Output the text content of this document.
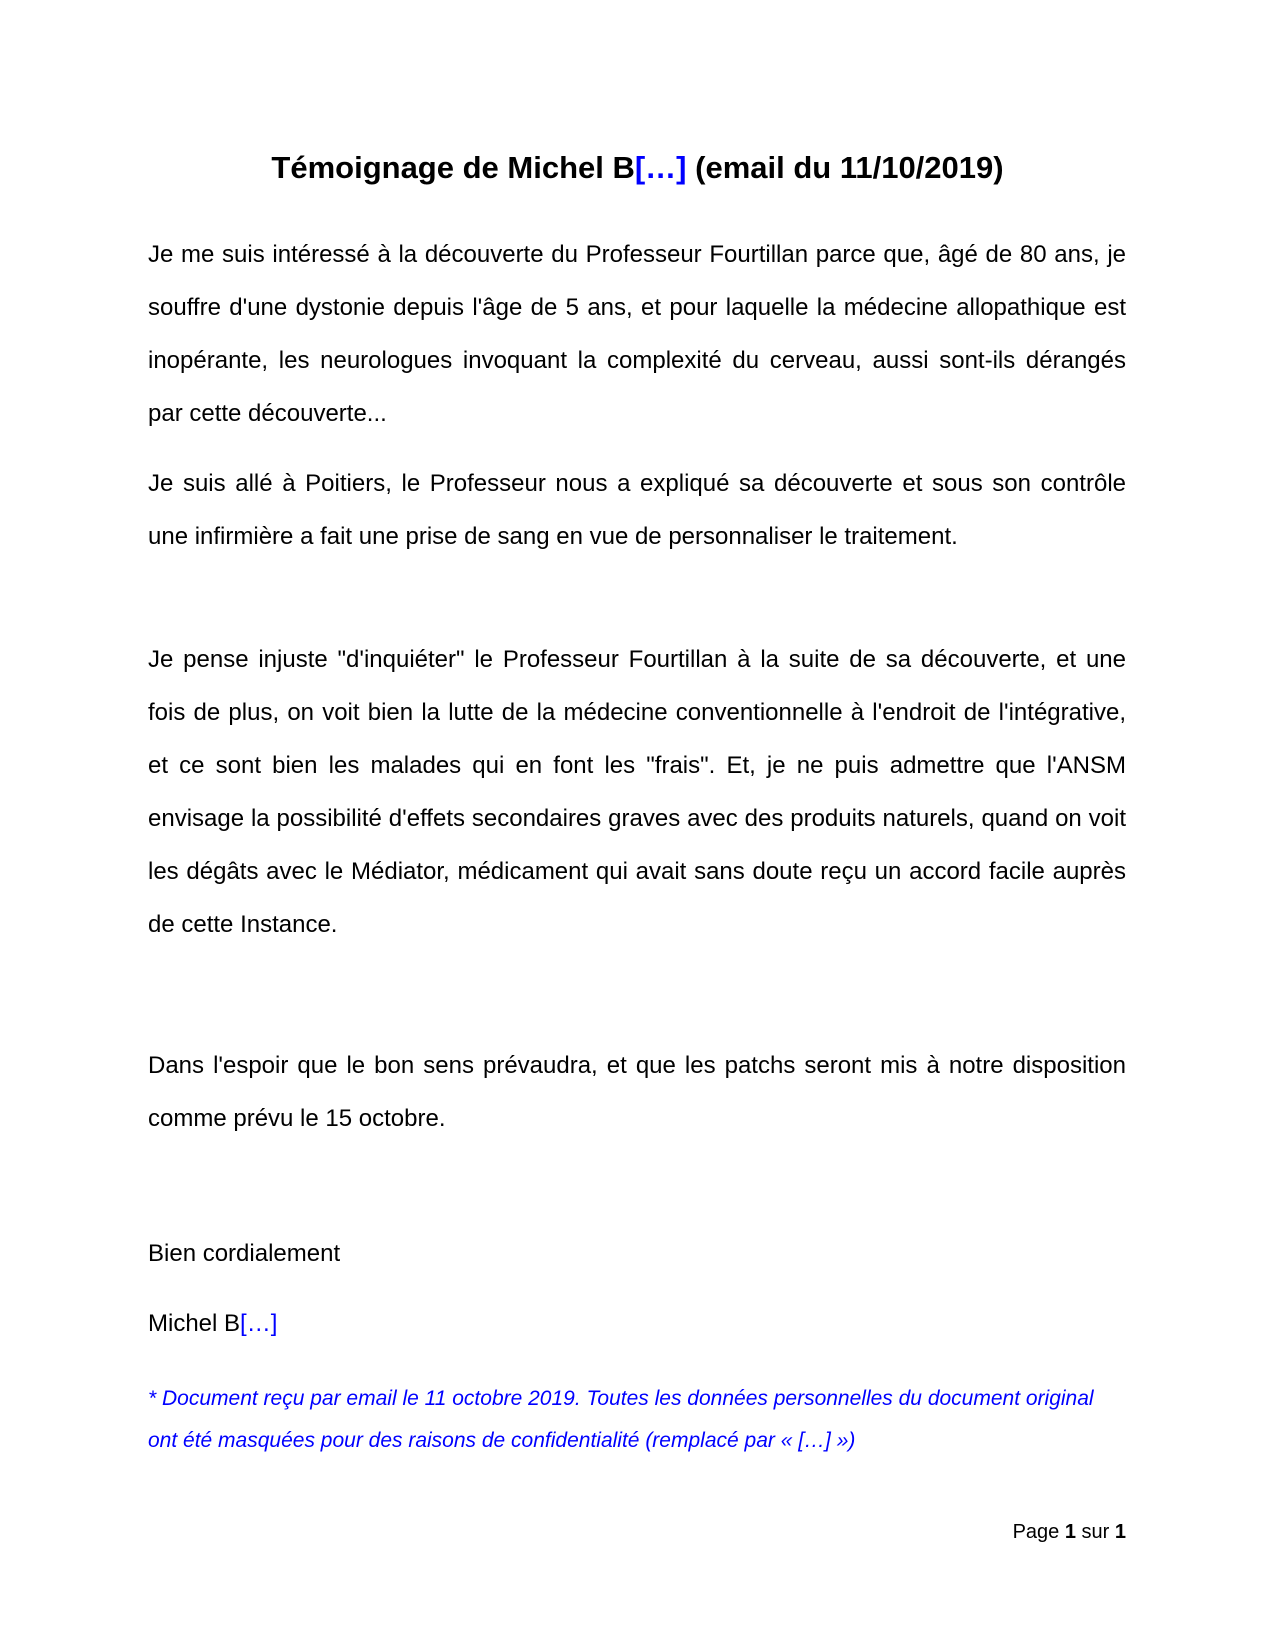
Témoignage de Michel B[…] (email du 11/10/2019)

Je me suis intéressé à la découverte du Professeur Fourtillan parce que, âgé de 80 ans, je souffre d'une dystonie depuis l'âge de 5 ans, et pour laquelle la médecine allopathique est inopérante, les neurologues invoquant la complexité du cerveau, aussi sont-ils dérangés par cette découverte...

Je suis allé à Poitiers, le Professeur nous a expliqué sa découverte et sous son contrôle une infirmière a fait une prise de sang en vue de personnaliser le traitement.

Je pense injuste "d'inquiéter" le Professeur Fourtillan à la suite de sa découverte, et une fois de plus, on voit bien la lutte de la médecine conventionnelle à l'endroit de l'intégrative, et ce sont bien les malades qui en font les "frais". Et, je ne puis admettre que l'ANSM envisage la possibilité d'effets secondaires graves avec des produits naturels, quand on voit les dégâts avec le Médiator, médicament qui avait sans doute reçu un accord facile auprès de cette Instance.

Dans l'espoir que le bon sens prévaudra, et que les patchs seront mis à notre disposition comme prévu le 15 octobre.

Bien cordialement

Michel B[…]

* Document reçu par email le 11 octobre 2019. Toutes les données personnelles du document original ont été masquées pour des raisons de confidentialité (remplacé par « […] »)

Page 1 sur 1
